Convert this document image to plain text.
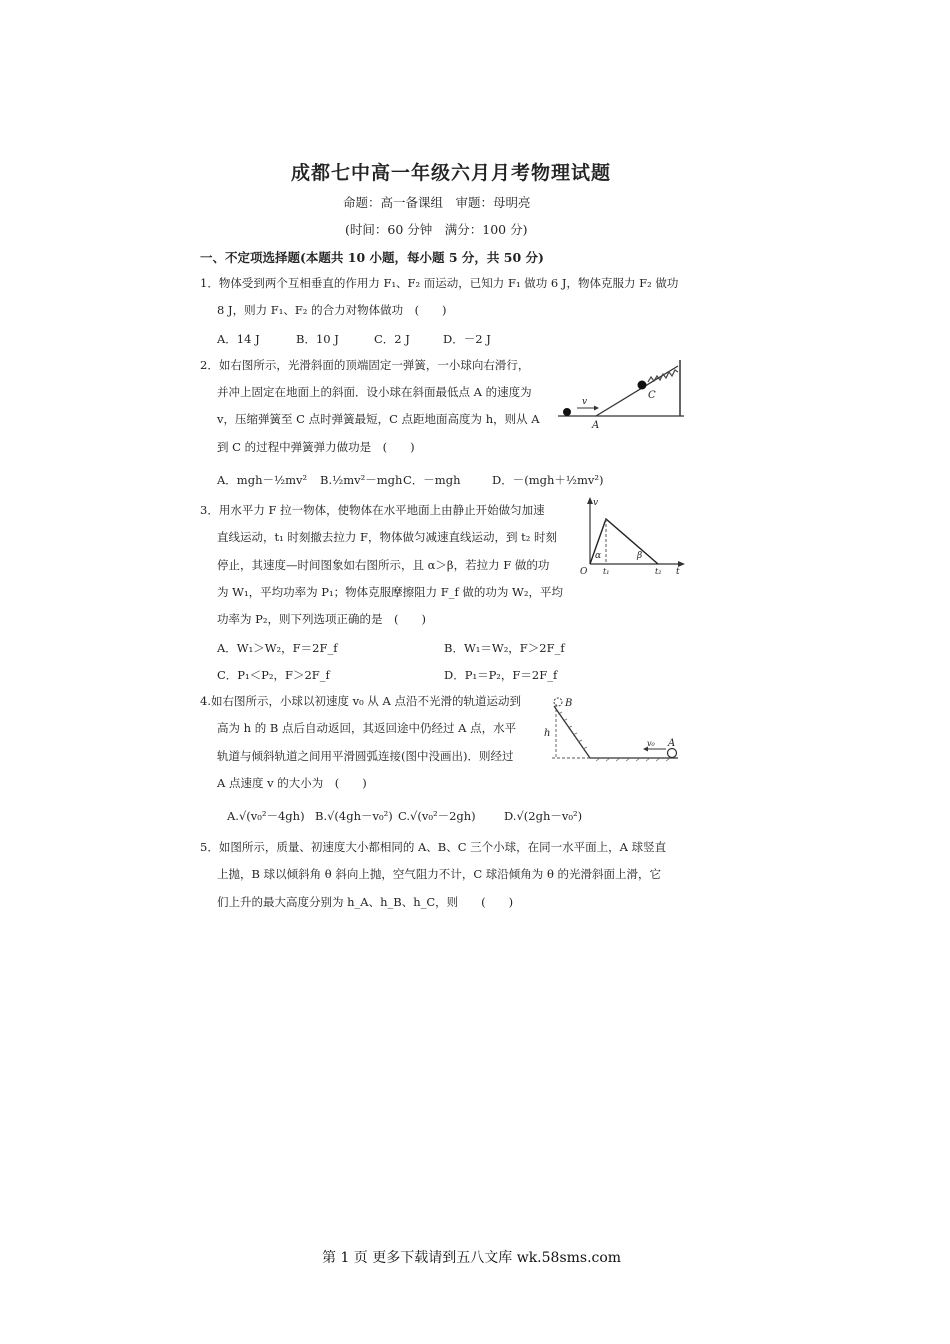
成都七中高一年级六月月考物理试题
命题：高一备课组　审题：母明亮
(时间：60 分钟　满分：100 分)
一、不定项选择题(本题共 10 小题，每小题 5 分，共 50 分)
1．物体受到两个互相垂直的作用力 F₁、F₂ 而运动，已知力 F₁ 做功 6 J，物体克服力 F₂ 做功
8 J，则力 F₁、F₂ 的合力对物体做功　(　　)
A．14 J	B．10 J	C．2 J	D．－2 J
2．如右图所示，光滑斜面的顶端固定一弹簧，一小球向右滑行，
并冲上固定在地面上的斜面．设小球在斜面最低点 A 的速度为
v，压缩弹簧至 C 点时弹簧最短，C 点距地面高度为 h，则从 A
到 C 的过程中弹簧弹力做功是　(　　)
A．mgh－½mv² B.½mv²－mgh C．－mgh	D．－(mgh＋½mv²)
v
A
C
3．用水平力 F 拉一物体，使物体在水平地面上由静止开始做匀加速
直线运动，t₁ 时刻撤去拉力 F，物体做匀减速直线运动，到 t₂ 时刻
停止，其速度—时间图象如右图所示，且 α＞β，若拉力 F 做的功
为 W₁，平均功率为 P₁；物体克服摩擦阻力 F_f 做的功为 W₂，平均
功率为 P₂，则下列选项正确的是　(　　)
A．W₁＞W₂，F＝2F_f	B．W₁＝W₂，F＞2F_f
C．P₁＜P₂，F＞2F_f	D．P₁＝P₂，F＝2F_f
v
O	t
t₁	t₂
α	β
4.如右图所示，小球以初速度 v₀ 从 A 点沿不光滑的轨道运动到
高为 h 的 B 点后自动返回，其返回途中仍经过 A 点，水平
轨道与倾斜轨道之间用平滑圆弧连接(图中没画出)．则经过
A 点速度 v 的大小为　(　　)
A.√(v₀²－4gh) B.√(4gh－v₀²) C.√(v₀²－2gh) D.√(2gh－v₀²)
B
h
v₀ A
5．如图所示，质量、初速度大小都相同的 A、B、C 三个小球，在同一水平面上，A 球竖直
上抛，B 球以倾斜角 θ 斜向上抛，空气阻力不计，C 球沿倾角为 θ 的光滑斜面上滑，它
们上升的最大高度分别为 h_A、h_B、h_C，则　　(　　)
第 1 页 更多下载请到五八文库 wk.58sms.com
